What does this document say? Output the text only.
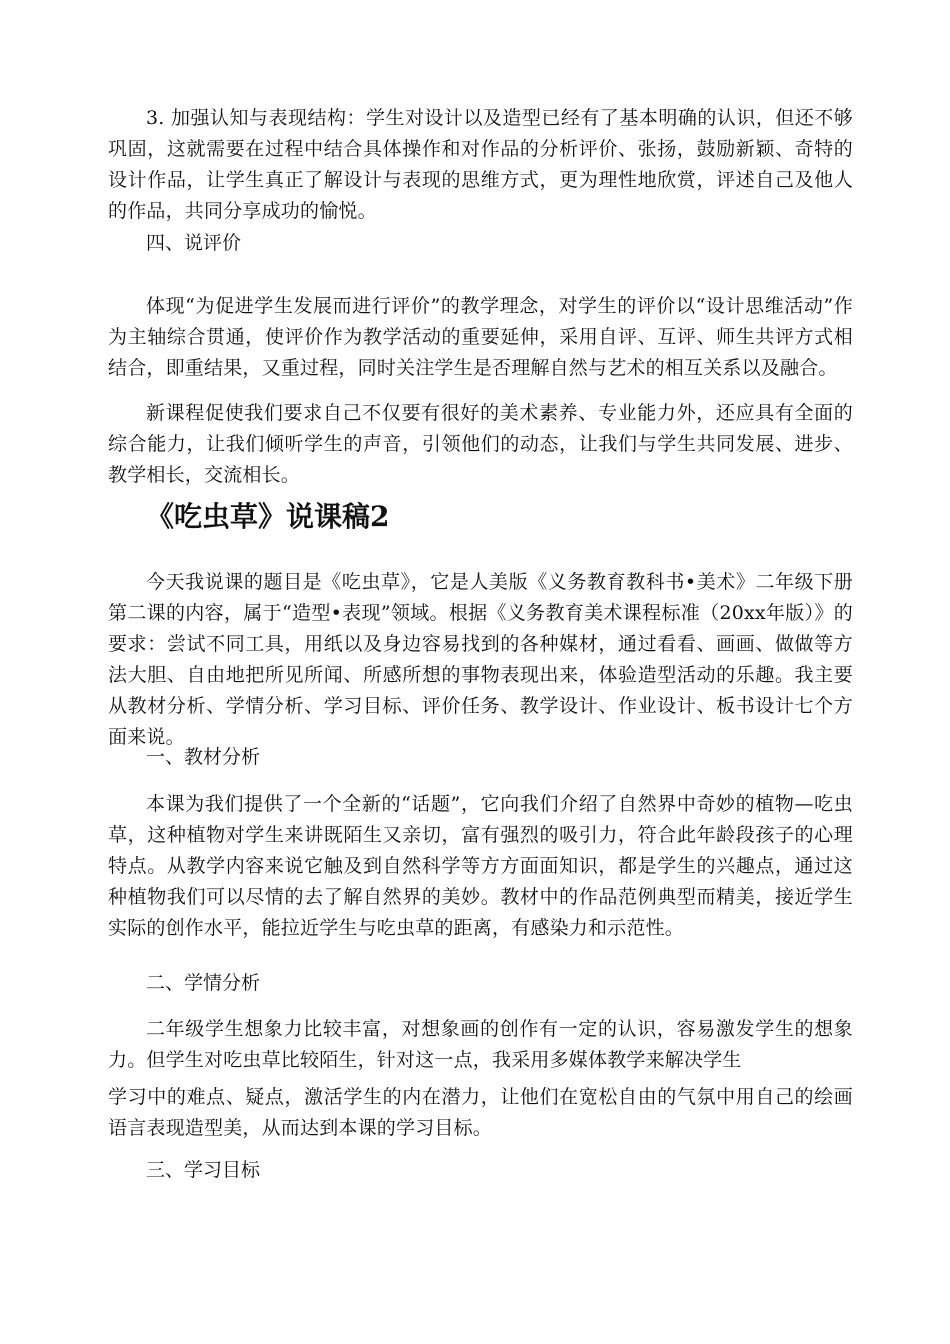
3. 加强认知与表现结构：学生对设计以及造型已经有了基本明确的认识，但还不够巩固，这就需要在过程中结合具体操作和对作品的分析评价、张扬，鼓励新颖、奇特的设计作品，让学生真正了解设计与表现的思维方式，更为理性地欣赏，评述自己及他人的作品，共同分享成功的愉悦。

四、说评价

体现“为促进学生发展而进行评价”的教学理念，对学生的评价以“设计思维活动”作为主轴综合贯通，使评价作为教学活动的重要延伸，采用自评、互评、师生共评方式相结合，即重结果，又重过程，同时关注学生是否理解自然与艺术的相互关系以及融合。

新课程促使我们要求自己不仅要有很好的美术素养、专业能力外，还应具有全面的综合能力，让我们倾听学生的声音，引领他们的动态，让我们与学生共同发展、进步、教学相长，交流相长。

《吃虫草》说课稿2

今天我说课的题目是《吃虫草》，它是人美版《义务教育教科书•美术》二年级下册第二课的内容，属于“造型•表现”领域。根据《义务教育美术课程标准（20xx年版）》的要求：尝试不同工具，用纸以及身边容易找到的各种媒材，通过看看、画画、做做等方法大胆、自由地把所见所闻、所感所想的事物表现出来，体验造型活动的乐趣。我主要从教材分析、学情分析、学习目标、评价任务、教学设计、作业设计、板书设计七个方面来说。

一、教材分析

本课为我们提供了一个全新的“话题”，它向我们介绍了自然界中奇妙的植物—吃虫草，这种植物对学生来讲既陌生又亲切，富有强烈的吸引力，符合此年龄段孩子的心理特点。从教学内容来说它触及到自然科学等方方面面知识，都是学生的兴趣点，通过这种植物我们可以尽情的去了解自然界的美妙。教材中的作品范例典型而精美，接近学生实际的创作水平，能拉近学生与吃虫草的距离，有感染力和示范性。

二、学情分析

二年级学生想象力比较丰富，对想象画的创作有一定的认识，容易激发学生的想象力。但学生对吃虫草比较陌生，针对这一点，我采用多媒体教学来解决学生

学习中的难点、疑点，激活学生的内在潜力，让他们在宽松自由的气氛中用自己的绘画语言表现造型美，从而达到本课的学习目标。

三、学习目标
